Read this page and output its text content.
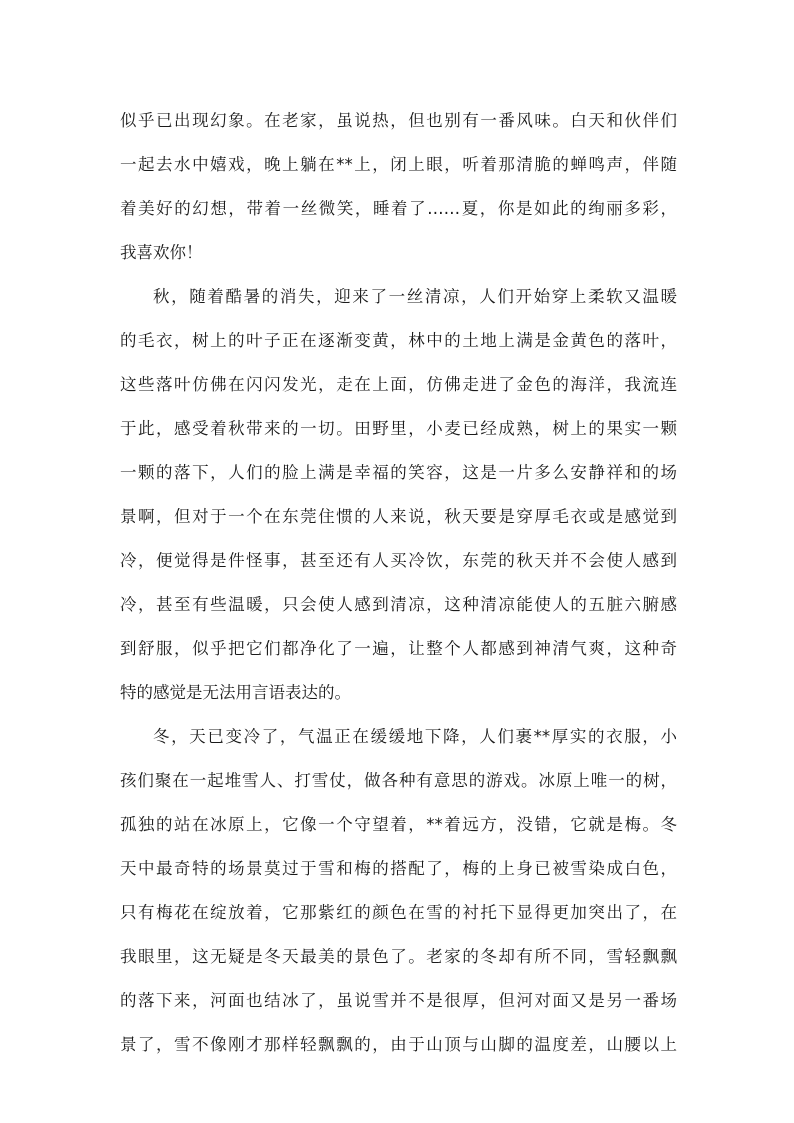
似乎已出现幻象。在老家，虽说热，但也别有一番风味。白天和伙伴们
一起去水中嬉戏，晚上躺在**上，闭上眼，听着那清脆的蝉鸣声，伴随
着美好的幻想，带着一丝微笑，睡着了……夏，你是如此的绚丽多彩，
我喜欢你！
秋，随着酷暑的消失，迎来了一丝清凉，人们开始穿上柔软又温暖
的毛衣，树上的叶子正在逐渐变黄，林中的土地上满是金黄色的落叶，
这些落叶仿佛在闪闪发光，走在上面，仿佛走进了金色的海洋，我流连
于此，感受着秋带来的一切。田野里，小麦已经成熟，树上的果实一颗
一颗的落下，人们的脸上满是幸福的笑容，这是一片多么安静祥和的场
景啊，但对于一个在东莞住惯的人来说，秋天要是穿厚毛衣或是感觉到
冷，便觉得是件怪事，甚至还有人买冷饮，东莞的秋天并不会使人感到
冷，甚至有些温暖，只会使人感到清凉，这种清凉能使人的五脏六腑感
到舒服，似乎把它们都净化了一遍，让整个人都感到神清气爽，这种奇
特的感觉是无法用言语表达的。
冬，天已变冷了，气温正在缓缓地下降，人们裹**厚实的衣服，小
孩们聚在一起堆雪人、打雪仗，做各种有意思的游戏。冰原上唯一的树，
孤独的站在冰原上，它像一个守望着，**着远方，没错，它就是梅。冬
天中最奇特的场景莫过于雪和梅的搭配了，梅的上身已被雪染成白色，
只有梅花在绽放着，它那紫红的颜色在雪的衬托下显得更加突出了，在
我眼里，这无疑是冬天最美的景色了。老家的冬却有所不同，雪轻飘飘
的落下来，河面也结冰了，虽说雪并不是很厚，但河对面又是另一番场
景了，雪不像刚才那样轻飘飘的，由于山顶与山脚的温度差，山腰以上
